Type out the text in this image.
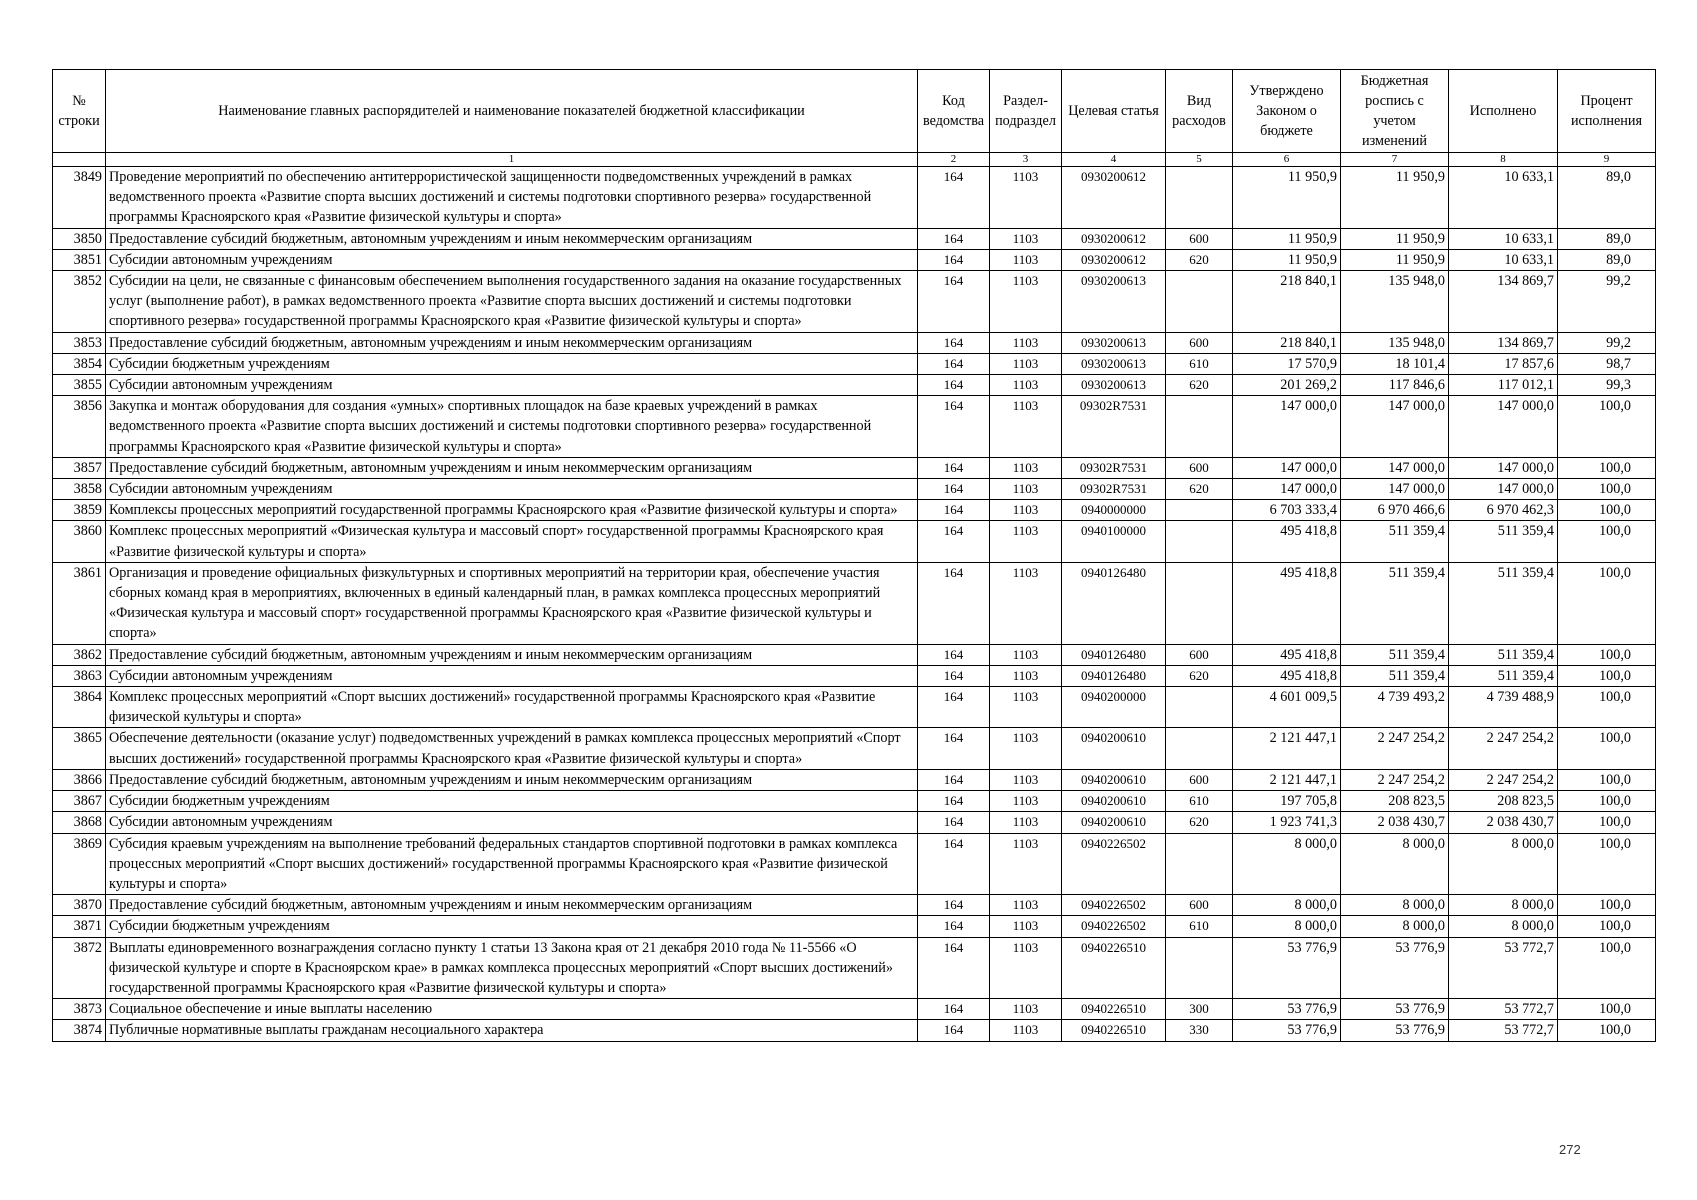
№ строки	Наименование главных распорядителей и наименование показателей бюджетной классификации	Код ведомства	Раздел-подраздел	Целевая статья	Вид расходов	Утверждено Законом о бюджете	Бюджетная роспись с учетом изменений	Исполнено	Процент исполнения
	1	2	3	4	5	6	7	8	9
3849	Проведение мероприятий по обеспечению антитеррористической защищенности подведомственных учреждений в рамках ведомственного проекта «Развитие спорта высших достижений и системы подготовки спортивного резерва» государственной программы Красноярского края «Развитие физической культуры и спорта»	164	1103	0930200612		11 950,9	11 950,9	10 633,1	89,0
3850	Предоставление субсидий бюджетным, автономным учреждениям и иным некоммерческим организациям	164	1103	0930200612	600	11 950,9	11 950,9	10 633,1	89,0
3851	Субсидии автономным учреждениям	164	1103	0930200612	620	11 950,9	11 950,9	10 633,1	89,0
3852	Субсидии на цели, не связанные с финансовым обеспечением выполнения государственного задания на оказание государственных услуг (выполнение работ), в рамках ведомственного проекта «Развитие спорта высших достижений и системы подготовки спортивного резерва» государственной программы Красноярского края «Развитие физической культуры и спорта»	164	1103	0930200613		218 840,1	135 948,0	134 869,7	99,2
3853	Предоставление субсидий бюджетным, автономным учреждениям и иным некоммерческим организациям	164	1103	0930200613	600	218 840,1	135 948,0	134 869,7	99,2
3854	Субсидии бюджетным учреждениям	164	1103	0930200613	610	17 570,9	18 101,4	17 857,6	98,7
3855	Субсидии автономным учреждениям	164	1103	0930200613	620	201 269,2	117 846,6	117 012,1	99,3
3856	Закупка и монтаж оборудования для создания «умных» спортивных площадок на базе краевых учреждений в рамках ведомственного проекта «Развитие спорта высших достижений и системы подготовки спортивного резерва» государственной программы Красноярского края «Развитие физической культуры и спорта»	164	1103	09302R7531		147 000,0	147 000,0	147 000,0	100,0
3857	Предоставление субсидий бюджетным, автономным учреждениям и иным некоммерческим организациям	164	1103	09302R7531	600	147 000,0	147 000,0	147 000,0	100,0
3858	Субсидии автономным учреждениям	164	1103	09302R7531	620	147 000,0	147 000,0	147 000,0	100,0
3859	Комплексы процессных мероприятий государственной программы Красноярского края «Развитие физической культуры и спорта»	164	1103	0940000000		6 703 333,4	6 970 466,6	6 970 462,3	100,0
3860	Комплекс процессных мероприятий «Физическая культура и массовый спорт» государственной программы Красноярского края «Развитие физической культуры и спорта»	164	1103	0940100000		495 418,8	511 359,4	511 359,4	100,0
3861	Организация и проведение официальных физкультурных и спортивных мероприятий на территории края, обеспечение участия сборных команд края в мероприятиях, включенных в единый календарный план, в рамках комплекса процессных мероприятий «Физическая культура и массовый спорт» государственной программы Красноярского края «Развитие физической культуры и спорта»	164	1103	0940126480		495 418,8	511 359,4	511 359,4	100,0
3862	Предоставление субсидий бюджетным, автономным учреждениям и иным некоммерческим организациям	164	1103	0940126480	600	495 418,8	511 359,4	511 359,4	100,0
3863	Субсидии автономным учреждениям	164	1103	0940126480	620	495 418,8	511 359,4	511 359,4	100,0
3864	Комплекс процессных мероприятий «Спорт высших достижений» государственной программы Красноярского края «Развитие физической культуры и спорта»	164	1103	0940200000		4 601 009,5	4 739 493,2	4 739 488,9	100,0
3865	Обеспечение деятельности (оказание услуг) подведомственных учреждений в рамках комплекса процессных мероприятий «Спорт высших достижений» государственной программы Красноярского края «Развитие физической культуры и спорта»	164	1103	0940200610		2 121 447,1	2 247 254,2	2 247 254,2	100,0
3866	Предоставление субсидий бюджетным, автономным учреждениям и иным некоммерческим организациям	164	1103	0940200610	600	2 121 447,1	2 247 254,2	2 247 254,2	100,0
3867	Субсидии бюджетным учреждениям	164	1103	0940200610	610	197 705,8	208 823,5	208 823,5	100,0
3868	Субсидии автономным учреждениям	164	1103	0940200610	620	1 923 741,3	2 038 430,7	2 038 430,7	100,0
3869	Субсидия краевым учреждениям на выполнение требований федеральных стандартов спортивной подготовки в рамках комплекса процессных мероприятий «Спорт высших достижений» государственной программы Красноярского края «Развитие физической культуры и спорта»	164	1103	0940226502		8 000,0	8 000,0	8 000,0	100,0
3870	Предоставление субсидий бюджетным, автономным учреждениям и иным некоммерческим организациям	164	1103	0940226502	600	8 000,0	8 000,0	8 000,0	100,0
3871	Субсидии бюджетным учреждениям	164	1103	0940226502	610	8 000,0	8 000,0	8 000,0	100,0
3872	Выплаты единовременного вознаграждения согласно пункту 1 статьи 13 Закона края от 21 декабря 2010 года № 11-5566 «О физической культуре и спорте в Красноярском крае» в рамках комплекса процессных мероприятий «Спорт высших достижений» государственной программы Красноярского края «Развитие физической культуры и спорта»	164	1103	0940226510		53 776,9	53 776,9	53 772,7	100,0
3873	Социальное обеспечение и иные выплаты населению	164	1103	0940226510	300	53 776,9	53 776,9	53 772,7	100,0
3874	Публичные нормативные выплаты гражданам несоциального характера	164	1103	0940226510	330	53 776,9	53 776,9	53 772,7	100,0
272
